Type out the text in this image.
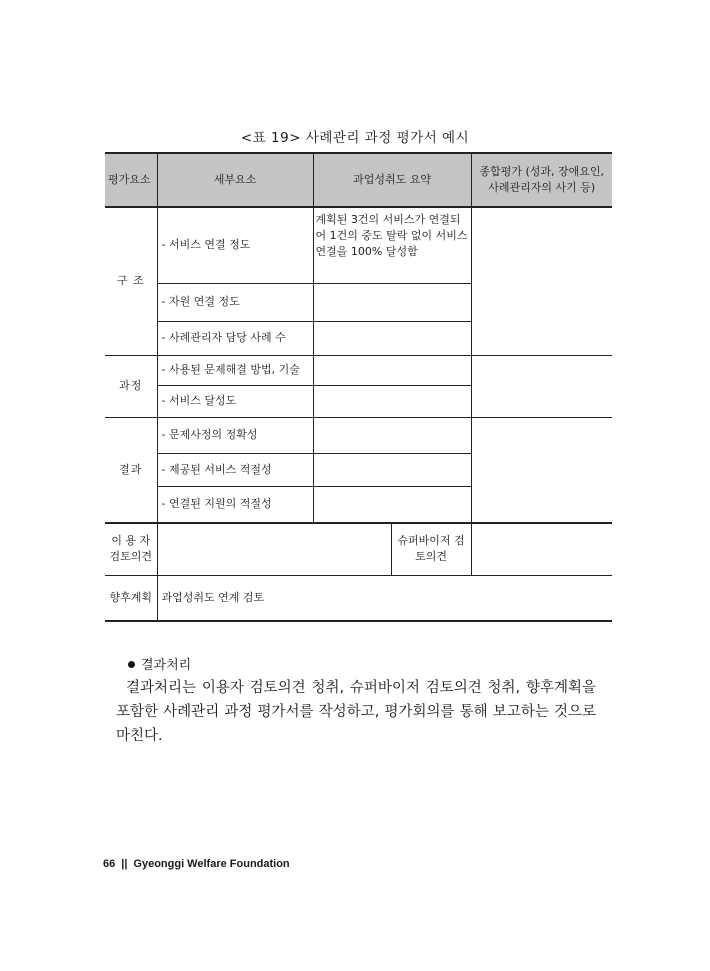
<표 19> 사례관리 과정 평가서 예시
평가요소	세부요소	과업성취도 요약		종합평가 (성과, 장애요인, 사례관리자의 사기 등)
구 조	- 서비스 연결 정도	계획된 3건의 서비스가 연결되어 1건의 중도 탈락 없이 서비스 연결을 100% 달성함		
	- 자원 연결 정도			
	- 사례관리자 담당 사례 수			
과정	- 사용된 문제해결 방법, 기술			
	- 서비스 달성도			
결과	- 문제사정의 정확성			
	- 제공된 서비스 적절성			
	- 연결된 지원의 적절성			
이 용 자 검토의견			슈퍼바이저 검토의견	
향후계획	과업성취도 연계 검토			
결과처리
결과처리는 이용자 검토의견 청취, 슈퍼바이저 검토의견 청취, 향후계획을 포함한 사례관리 과정 평가서를 작성하고, 평가회의를 통해 보고하는 것으로 마친다.
66 || Gyeonggi Welfare Foundation
